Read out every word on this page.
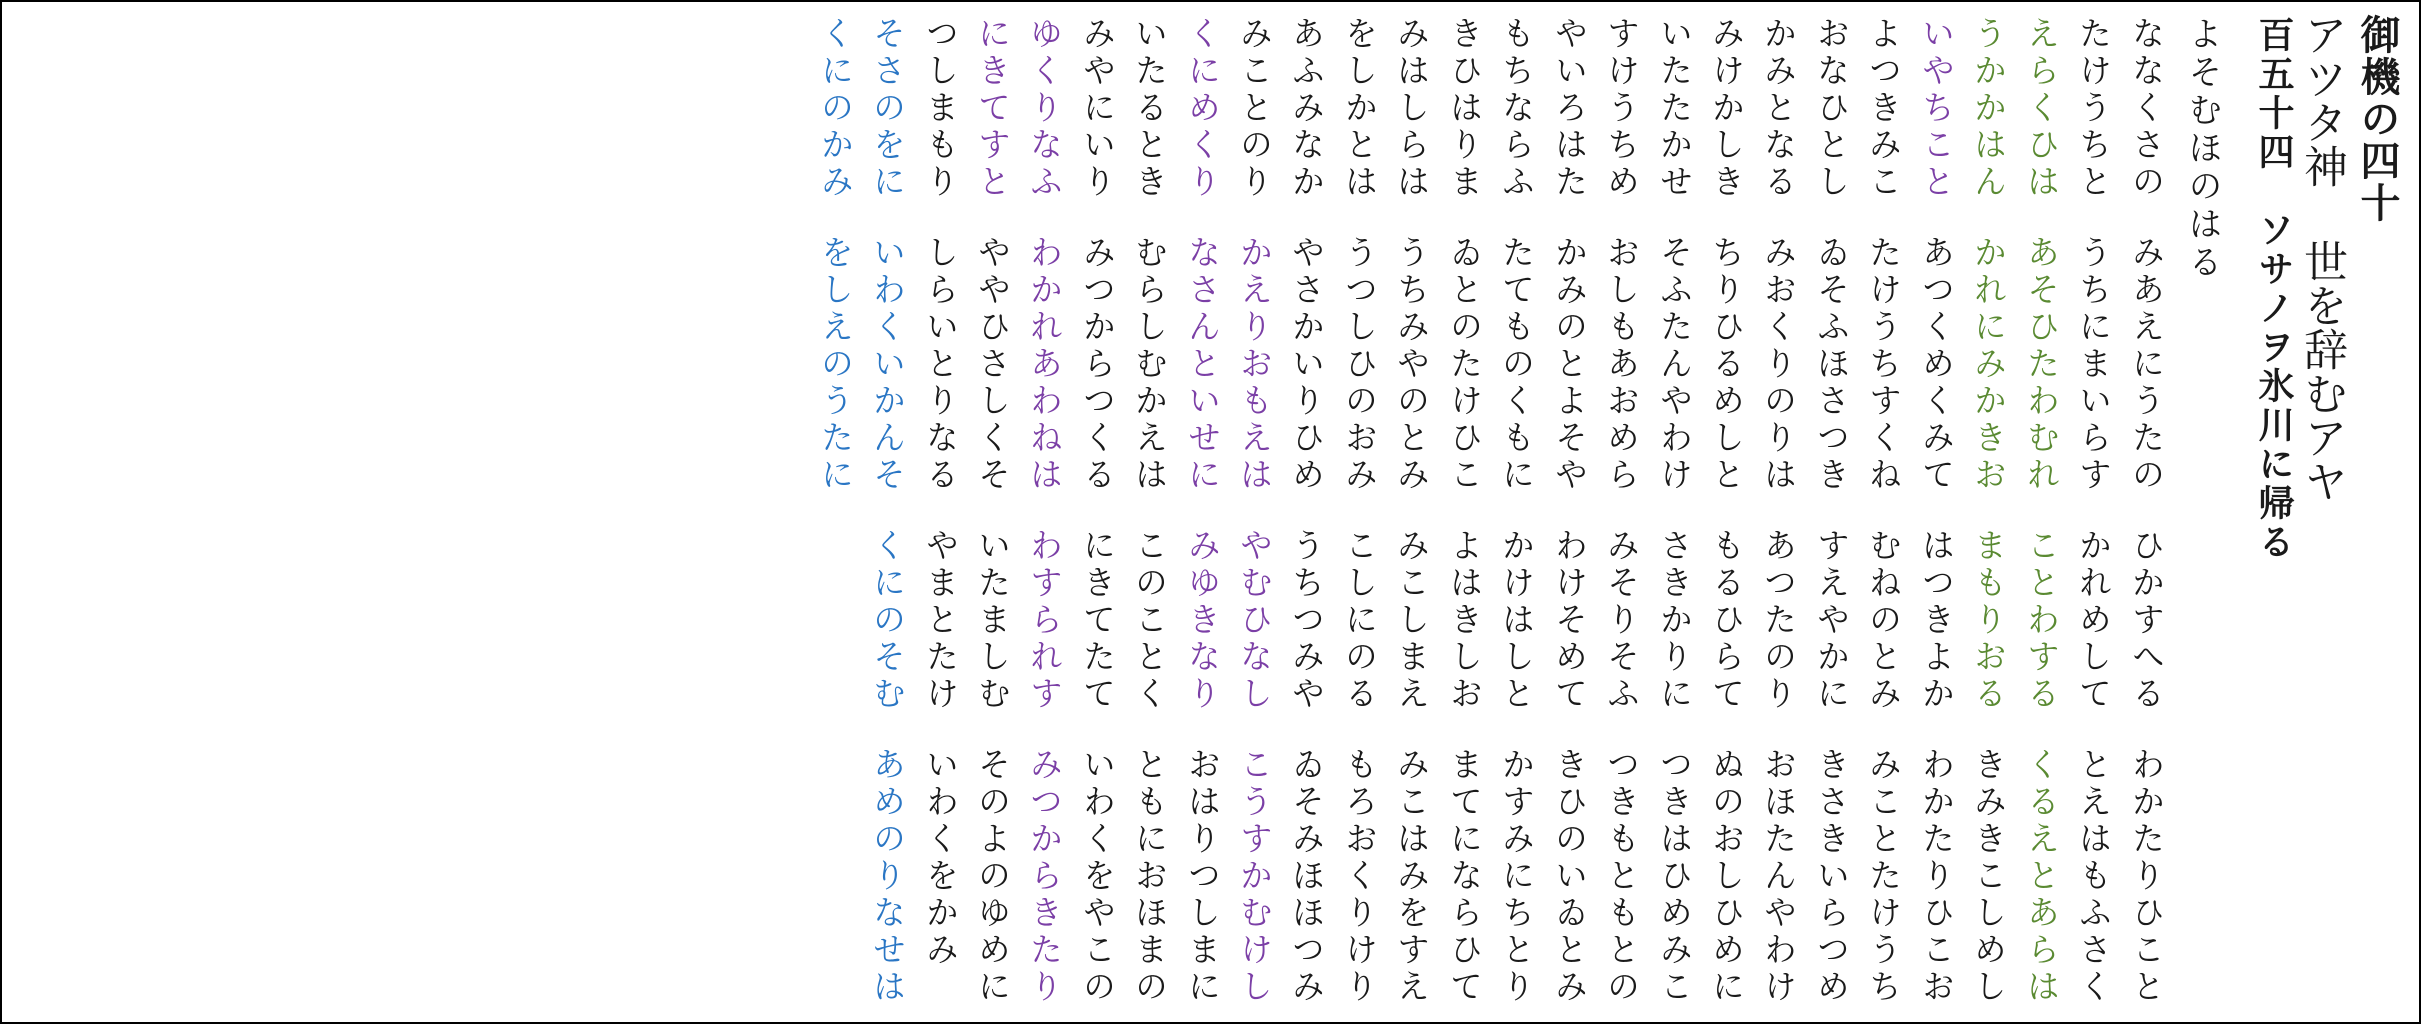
御機の四十
アツタ神 世を辞むアヤ
百五十四　ソサノヲ氷川に帰る
よそむほのはる
ななくさのみあえにうたのひかすへるわかたりひこと
たけうちとうちにまいらすかれめしてとえはもふさく
えらくひはあそひたわむれことわするくるえとあらは
うかかはんかれにみかきおまもりおるきみきこしめし
いやちことあつくめくみてはつきよかわかたりひこお
よつきみこたけうちすくねむねのとみみことたけうち
おなひとしゐそふほさつきすえやかにきさきいらつめ
かみとなるみおくりのりはあつたのりおほたんやわけ
みけかしきちりひるめしともるひらてぬのおしひめに
いたたかせそふたんやわけさきかりにつきはひめみこ
すけうちめおしもあおめらみそりそふつきもともとの
やいろはたかみのとよそやわけそめてきひのいゐとみ
もちならふたてものくもにかけはしとかすみにちとり
きひはりまゐとのたけひこよはきしおまてにならひて
みはしらはうちみやのとみみこしまえみこはみをすえ
をしかとはうつしひのおみこしにのるもろおくりけり
あふみなかやさかいりひめうちつみやゐそみほほつみ
みことのりかえりおもえはやむひなしこうすかむけし
くにめくりなさんといせにみゆきなりおはりつしまに
いたるときむらしむかえはこのことくともにおほまの
みやにいりみつからつくるにきてたていわくをやこの
ゆくりなふわかれあわねはわすられすみつからきたり
にきてすとややひさしくそいたましむそのよのゆめに
つしまもりしらいとりなるやまとたけいわくをかみ
そさのをにいわくいかんそくにのそむあめのりなせは
くにのかみをしえのうたに
